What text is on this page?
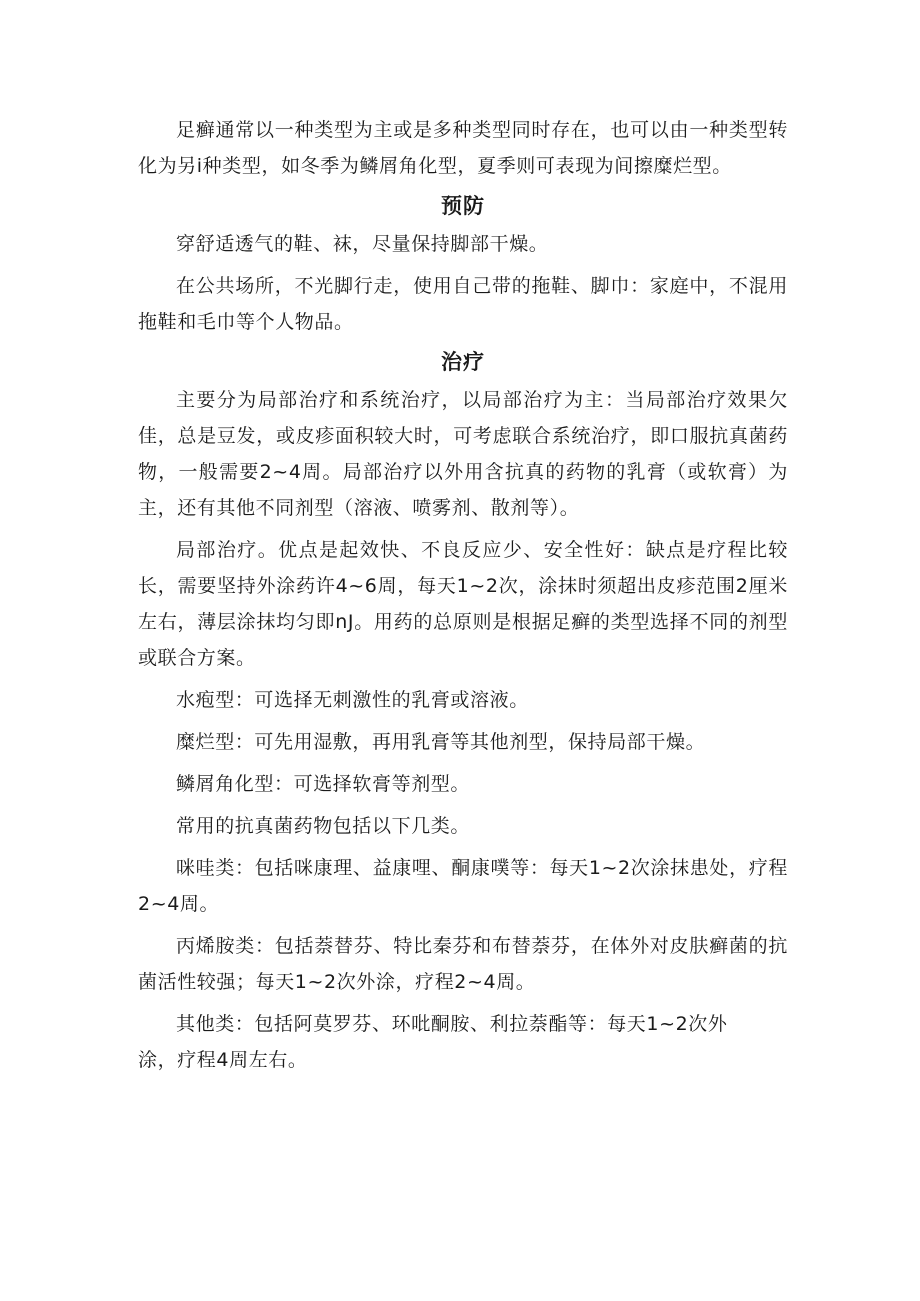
足癣通常以一种类型为主或是多种类型同时存在，也可以由一种类型转化为另i种类型，如冬季为鳞屑角化型，夏季则可表现为间擦糜烂型。

预防

穿舒适透气的鞋、袜，尽量保持脚部干燥。

在公共场所，不光脚行走，使用自己带的拖鞋、脚巾：家庭中，不混用拖鞋和毛巾等个人物品。

治疗

主要分为局部治疗和系统治疗，以局部治疗为主：当局部治疗效果欠佳，总是豆发，或皮疹面积较大时，可考虑联合系统治疗，即口服抗真菌药物，一般需要2~4周。局部治疗以外用含抗真的药物的乳膏（或软膏）为主，还有其他不同剂型（溶液、喷雾剂、散剂等）。

局部治疗。优点是起效快、不良反应少、安全性好：缺点是疗程比较长，需要坚持外涂药许4~6周，每天1~2次，涂抹时须超出皮疹范围2厘米左右，薄层涂抹均匀即nJ。用药的总原则是根据足癣的类型选择不同的剂型或联合方案。

水疱型：可选择无刺激性的乳膏或溶液。

糜烂型：可先用湿敷，再用乳膏等其他剂型，保持局部干燥。

鳞屑角化型：可选择软膏等剂型。

常用的抗真菌药物包括以下几类。

咪哇类：包括咪康理、益康哩、酮康噗等：每天1~2次涂抹患处，疗程2~4周。

丙烯胺类：包括萘替芬、特比秦芬和布替萘芬，在体外对皮肤癣菌的抗菌活性较强；每天1~2次外涂，疗程2~4周。

其他类：包括阿莫罗芬、环吡酮胺、利拉萘酯等：每天1~2次外涂，疗程4周左右。
